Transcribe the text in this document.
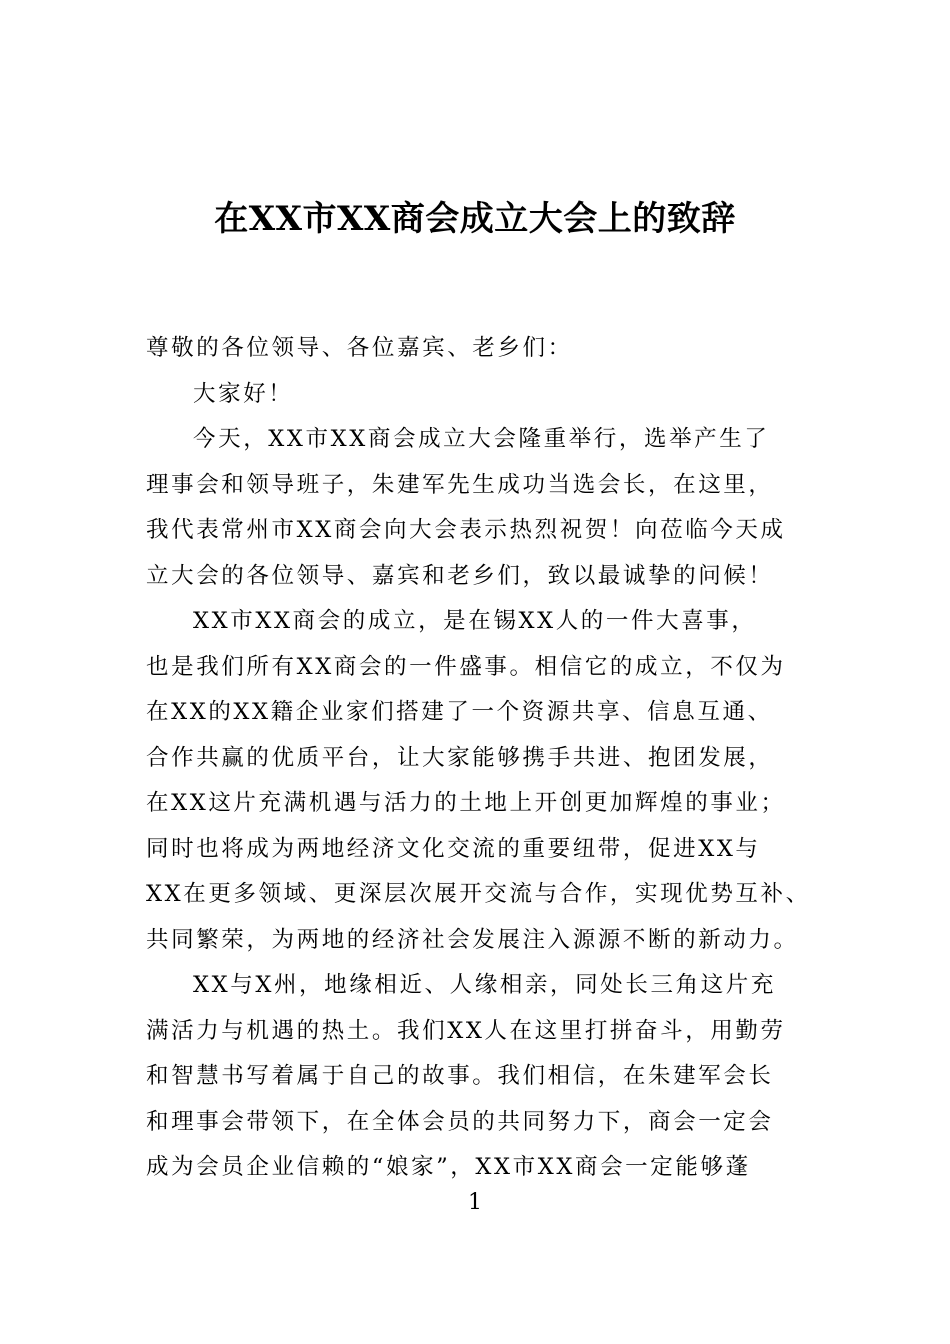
在XX市XX商会成立大会上的致辞
尊敬的各位领导、各位嘉宾、老乡们：
大家好！
今天，XX市XX商会成立大会隆重举行，选举产生了
理事会和领导班子，朱建军先生成功当选会长，在这里，
我代表常州市XX商会向大会表示热烈祝贺！向莅临今天成
立大会的各位领导、嘉宾和老乡们，致以最诚挚的问候！
XX市XX商会的成立，是在锡XX人的一件大喜事，
也是我们所有XX商会的一件盛事。相信它的成立，不仅为
在XX的XX籍企业家们搭建了一个资源共享、信息互通、
合作共赢的优质平台，让大家能够携手共进、抱团发展，
在XX这片充满机遇与活力的土地上开创更加辉煌的事业；
同时也将成为两地经济文化交流的重要纽带，促进XX与
XX在更多领域、更深层次展开交流与合作，实现优势互补、
共同繁荣，为两地的经济社会发展注入源源不断的新动力。
XX与X州，地缘相近、人缘相亲，同处长三角这片充
满活力与机遇的热土。我们XX人在这里打拼奋斗，用勤劳
和智慧书写着属于自己的故事。我们相信，在朱建军会长
和理事会带领下，在全体会员的共同努力下，商会一定会
成为会员企业信赖的“娘家”，XX市XX商会一定能够蓬
1
